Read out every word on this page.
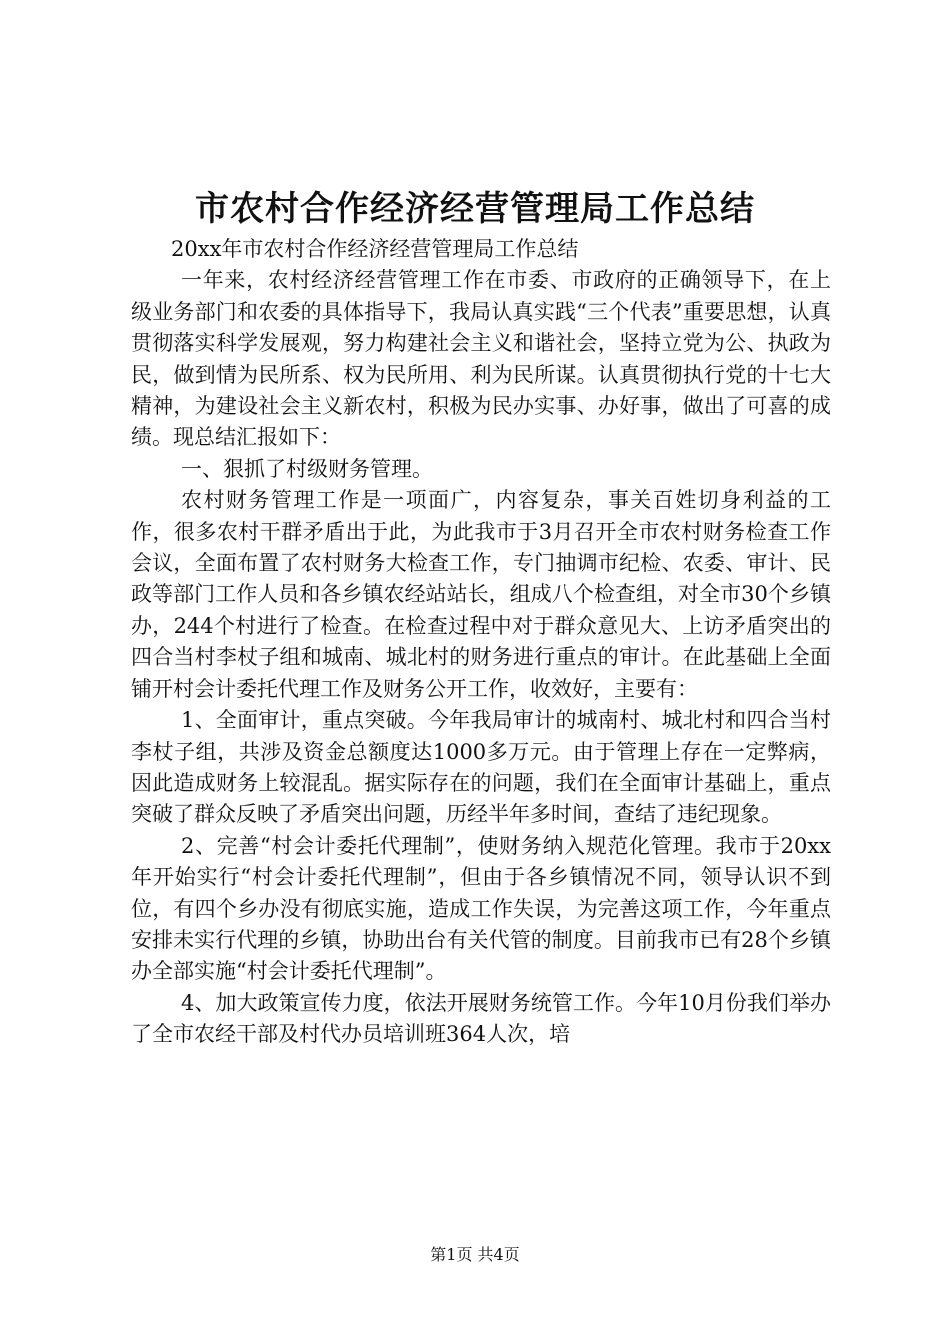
市农村合作经济经营管理局工作总结

20xx年市农村合作经济经营管理局工作总结

一年来，农村经济经营管理工作在市委、市政府的正确领导下，在上级业务部门和农委的具体指导下，我局认真实践“三个代表”重要思想，认真贯彻落实科学发展观，努力构建社会主义和谐社会，坚持立党为公、执政为民，做到情为民所系、权为民所用、利为民所谋。认真贯彻执行党的十七大精神，为建设社会主义新农村，积极为民办实事、办好事，做出了可喜的成绩。现总结汇报如下：

一、狠抓了村级财务管理。

农村财务管理工作是一项面广，内容复杂，事关百姓切身利益的工作，很多农村干群矛盾出于此，为此我市于3月召开全市农村财务检查工作会议，全面布置了农村财务大检查工作，专门抽调市纪检、农委、审计、民政等部门工作人员和各乡镇农经站站长，组成八个检查组，对全市30个乡镇办，244个村进行了检查。在检查过程中对于群众意见大、上访矛盾突出的四合当村李杖子组和城南、城北村的财务进行重点的审计。在此基础上全面铺开村会计委托代理工作及财务公开工作，收效好，主要有：

1、全面审计，重点突破。今年我局审计的城南村、城北村和四合当村李杖子组，共涉及资金总额度达1000多万元。由于管理上存在一定弊病，因此造成财务上较混乱。据实际存在的问题，我们在全面审计基础上，重点突破了群众反映了矛盾突出问题，历经半年多时间，查结了违纪现象。

2、完善“村会计委托代理制”，使财务纳入规范化管理。我市于20xx年开始实行“村会计委托代理制”，但由于各乡镇情况不同，领导认识不到位，有四个乡办没有彻底实施，造成工作失误，为完善这项工作，今年重点安排未实行代理的乡镇，协助出台有关代管的制度。目前我市已有28个乡镇办全部实施“村会计委托代理制”。

4、加大政策宣传力度，依法开展财务统管工作。今年10月份我们举办了全市农经干部及村代办员培训班364人次，培

第1页 共4页
